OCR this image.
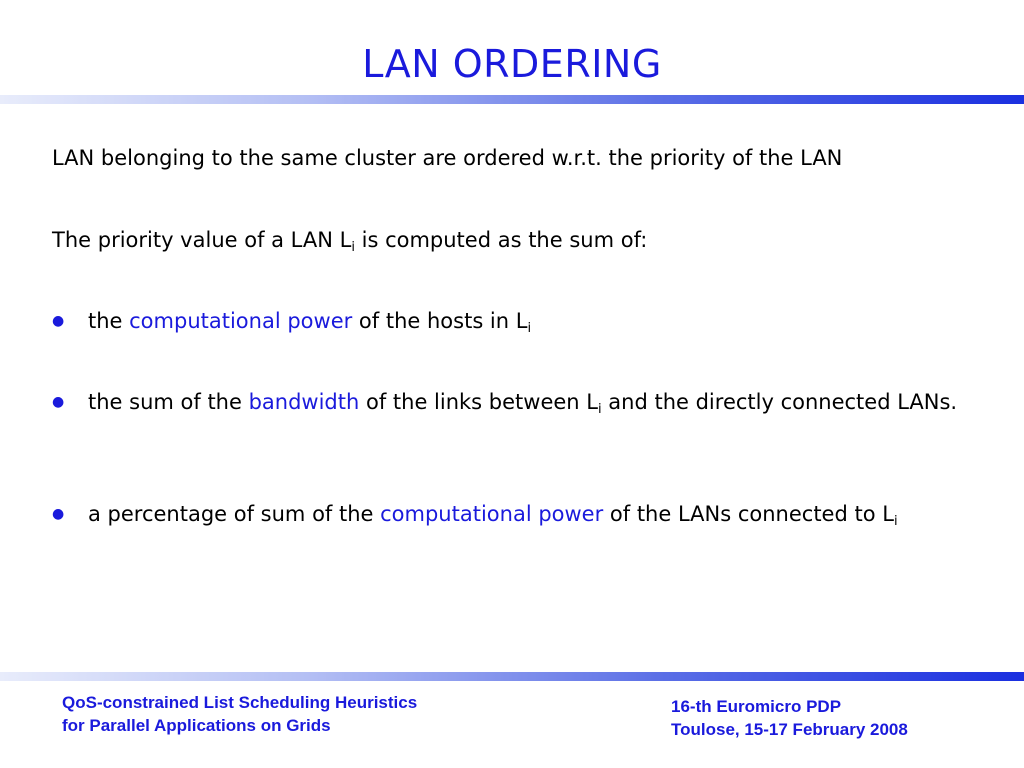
LAN ORDERING
LAN belonging to the same cluster are ordered w.r.t. the priority of the LAN
The priority value of a LAN $L_i$ is computed as the sum of:
● the computational power of the hosts in $L_i$
● the sum of the bandwidth of the links between $L_i$ and the directly connected LANs.
● a percentage of sum of the computational power of the LANs connected to $L_i$
QoS-constrained List Scheduling Heuristics
for Parallel Applications on Grids
16-th Euromicro PDP
Toulose, 15-17 February 2008
